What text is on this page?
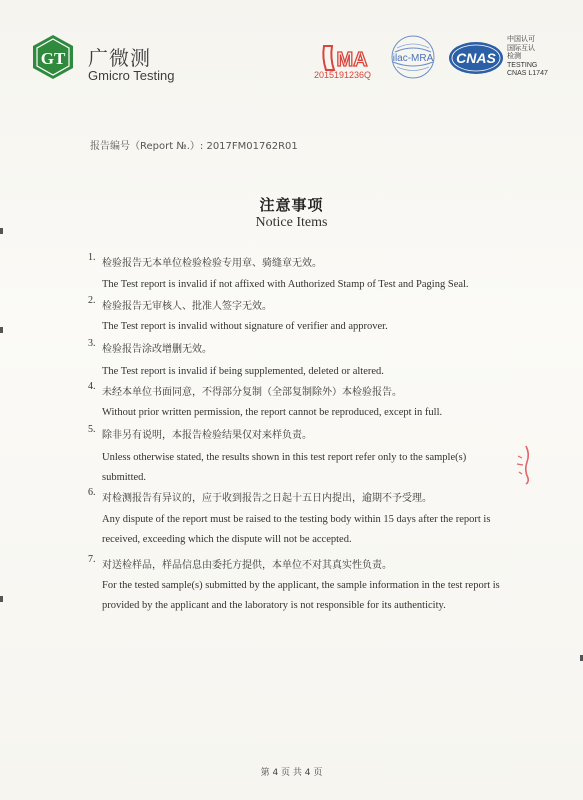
GT 广微测
Gmicro Testing
MA
2015191236Q
ilac-MRA CNAS
中国认可
国际互认
检测
TESTING
CNAS L1747
报告编号（Report №.）: 2017FM01762R01
注意事项
Notice Items
1.
检验报告无本单位检验检验专用章、骑缝章无效。
The Test report is invalid if not affixed with Authorized Stamp of Test and Paging Seal.
2.
检验报告无审核人、批准人签字无效。
The Test report is invalid without signature of verifier and approver.
3.
检验报告涂改增删无效。
The Test report is invalid if being supplemented, deleted or altered.
4.
未经本单位书面同意，不得部分复制（全部复制除外）本检验报告。
Without prior written permission, the report cannot be reproduced, except in full.
5.
除非另有说明，本报告检验结果仅对来样负责。
Unless otherwise stated, the results shown in this test report refer only to the sample(s) submitted.
6.
对检测报告有异议的，应于收到报告之日起十五日内提出，逾期不予受理。
Any dispute of the report must be raised to the testing body within 15 days after the report is received, exceeding which the dispute will not be accepted.
7.
对送检样品，样品信息由委托方提供，本单位不对其真实性负责。
For the tested sample(s) submitted by the applicant, the sample information in the test report is provided by the applicant and the laboratory is not responsible for its authenticity.
第 4 页 共 4 页
